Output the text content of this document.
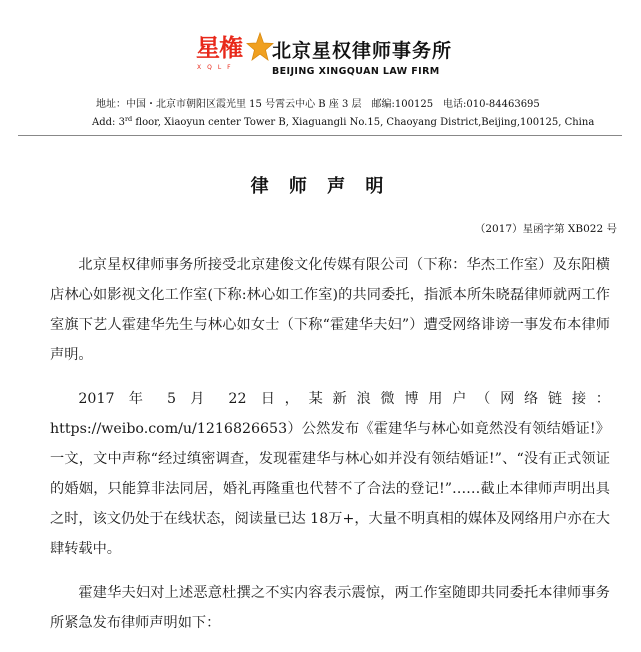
星権
XQLF
北京星权律师事务所
BEIJING XINGQUAN LAW FIRM
地址：中国・北京市朝阳区霞光里 15 号霄云中心 B 座 3 层　邮编:100125　电话:010-84463695
Add: 3rd floor, Xiaoyun center Tower B, Xiaguangli No.15, Chaoyang District,Beijing,100125, China
律 师 声 明
（2017）星函字第 XB022 号

北京星权律师事务所接受北京建俊文化传媒有限公司（下称：华杰工作室）及东阳横店林心如影视文化工作室(下称:林心如工作室)的共同委托，指派本所朱晓磊律师就两工作室旗下艺人霍建华先生与林心如女士（下称“霍建华夫妇”）遭受网络诽谤一事发布本律师声明。

2017 年 5 月 22 日，某新浪微博用户（网络链接：https://weibo.com/u/1216826653）公然发布《霍建华与林心如竟然没有领结婚证!》一文，文中声称“经过缜密调查，发现霍建华与林心如并没有领结婚证!”、“没有正式领证的婚姻，只能算非法同居，婚礼再隆重也代替不了合法的登记!”……截止本律师声明出具之时，该文仍处于在线状态，阅读量已达 18万+，大量不明真相的媒体及网络用户亦在大肆转载中。

霍建华夫妇对上述恶意杜撰之不实内容表示震惊，两工作室随即共同委托本律师事务所紧急发布律师声明如下：
